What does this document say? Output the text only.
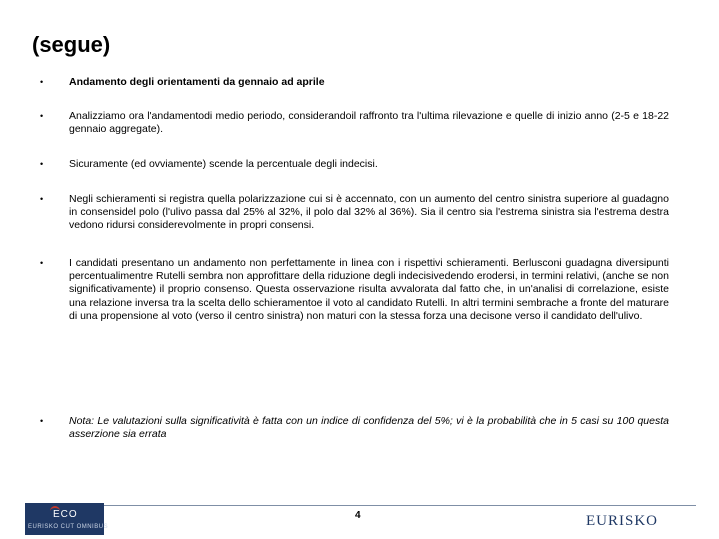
(segue)
•	Andamento degli orientamenti da gennaio ad aprile
•	Analizziamo ora l'andamentodi medio periodo, considerandoil raffronto tra l'ultima rilevazione e quelle di inizio anno (2-5 e 18-22 gennaio aggregate).
•	Sicuramente (ed ovviamente) scende la percentuale degli indecisi.
•	Negli schieramenti si registra quella polarizzazione cui si è accennato, con un aumento del centro sinistra superiore al guadagno in consensidel polo (l'ulivo passa dal 25% al 32%, il polo dal 32% al 36%). Sia il centro sia l'estrema sinistra sia l'estrema destra vedono ridursi considerevolmente in propri consensi.
•	I candidati presentano un andamento non perfettamente in linea con i rispettivi schieramenti. Berlusconi guadagna diversipunti percentualimentre Rutelli sembra non approfittare della riduzione degli indecisivedendo erodersi, in termini relativi, (anche se non significativamente) il proprio consenso. Questa osservazione risulta avvalorata dal fatto che, in un'analisi di correlazione, esiste una relazione inversa tra la scelta dello schieramentoe il voto al candidato Rutelli. In altri termini sembrache a fronte del maturare di una propensione al voto (verso il centro sinistra) non maturi con la stessa forza una decisone verso il candidato dell'ulivo.
•	Nota: Le valutazioni sulla significatività è fatta con un indice di confidenza del 5%; vi è la probabilità che in 5 casi su 100 questa asserzione sia errata
ECO
EURISKO CUT OMNIBUS
4	EURISKO
